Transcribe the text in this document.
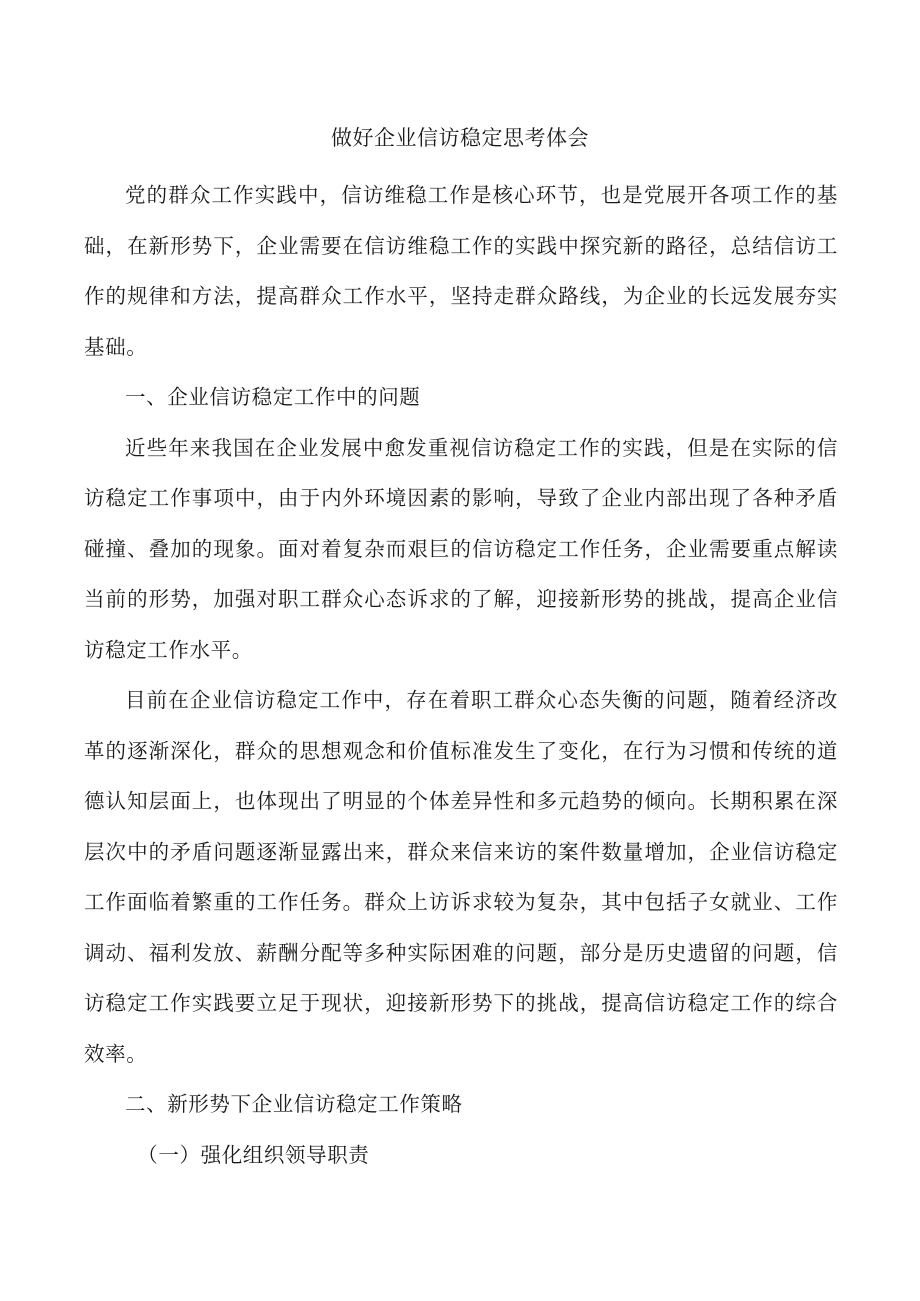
做好企业信访稳定思考体会

党的群众工作实践中，信访维稳工作是核心环节，也是党展开各项工作的基础，在新形势下，企业需要在信访维稳工作的实践中探究新的路径，总结信访工作的规律和方法，提高群众工作水平，坚持走群众路线，为企业的长远发展夯实基础。

一、企业信访稳定工作中的问题

近些年来我国在企业发展中愈发重视信访稳定工作的实践，但是在实际的信访稳定工作事项中，由于内外环境因素的影响，导致了企业内部出现了各种矛盾碰撞、叠加的现象。面对着复杂而艰巨的信访稳定工作任务，企业需要重点解读当前的形势，加强对职工群众心态诉求的了解，迎接新形势的挑战，提高企业信访稳定工作水平。

目前在企业信访稳定工作中，存在着职工群众心态失衡的问题，随着经济改革的逐渐深化，群众的思想观念和价值标准发生了变化，在行为习惯和传统的道德认知层面上，也体现出了明显的个体差异性和多元趋势的倾向。长期积累在深层次中的矛盾问题逐渐显露出来，群众来信来访的案件数量增加，企业信访稳定工作面临着繁重的工作任务。群众上访诉求较为复杂，其中包括子女就业、工作调动、福利发放、薪酬分配等多种实际困难的问题，部分是历史遗留的问题，信访稳定工作实践要立足于现状，迎接新形势下的挑战，提高信访稳定工作的综合效率。

二、新形势下企业信访稳定工作策略

（一）强化组织领导职责
